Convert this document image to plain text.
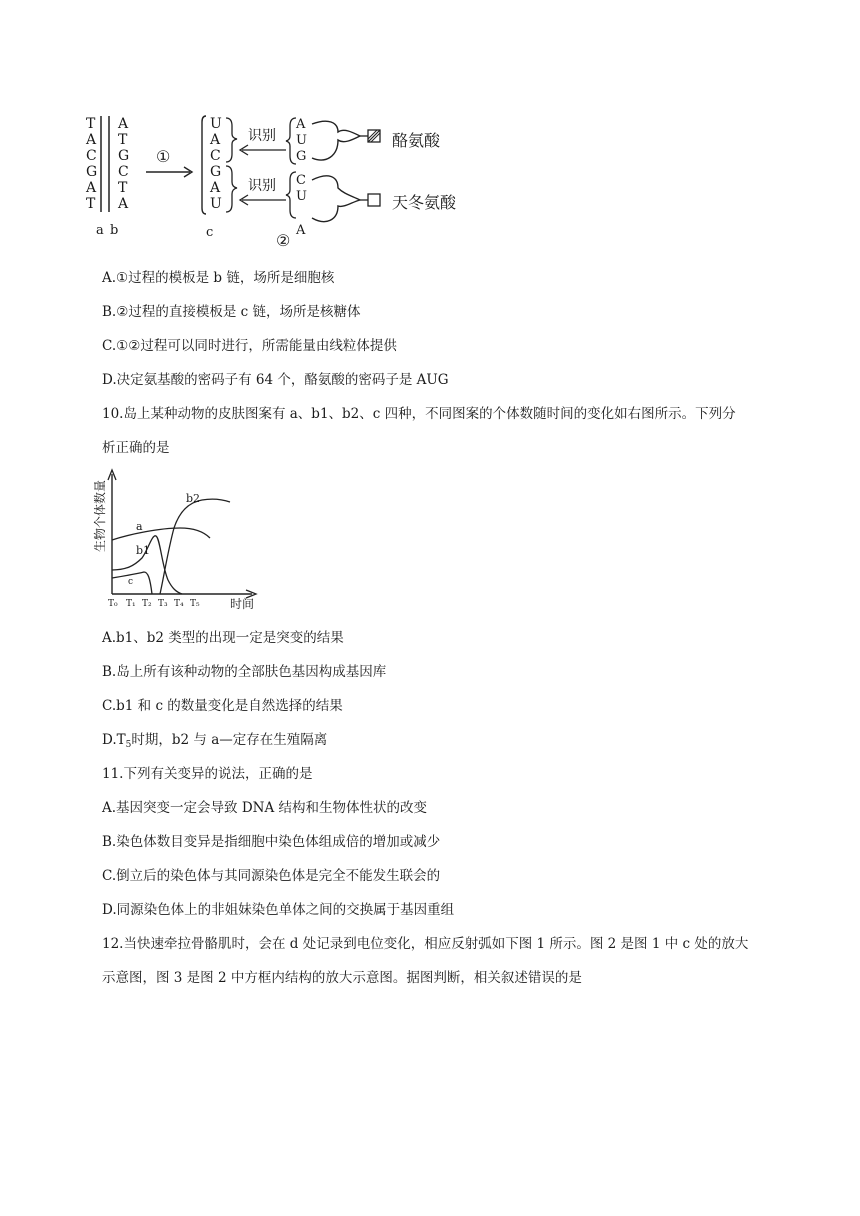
T
A
C
G
A
T
A
T
G
C
T
A
a b
①
U
A
C
G
A
U
c
识别
识别
②
A
U
G
酪氨酸
C
U
A
天冬氨酸
A.①过程的模板是 b 链，场所是细胞核
B.②过程的直接模板是 c 链，场所是核糖体
C.①②过程可以同时进行，所需能量由线粒体提供
D.决定氨基酸的密码子有 64 个，酪氨酸的密码子是 AUG
10.岛上某种动物的皮肤图案有 a、b1、b2、c 四种，不同图案的个体数随时间的变化如右图所示。下列分
析正确的是
生物个体数量
时间
T₀ T₁ T₂ T₃ T₄ T₅
a
b1
b2
c
A.b1、b2 类型的出现一定是突变的结果
B.岛上所有该种动物的全部肤色基因构成基因库
C.b1 和 c 的数量变化是自然选择的结果
$D.T_5$时期，b2 与 a—定存在生殖隔离
11.下列有关变异的说法，正确的是
A.基因突变一定会导致 DNA 结构和生物体性状的改变
B.染色体数目变异是指细胞中染色体组成倍的增加或减少
C.倒立后的染色体与其同源染色体是完全不能发生联会的
D.同源染色体上的非姐妹染色单体之间的交换属于基因重组
12.当快速牵拉骨骼肌时，会在 d 处记录到电位变化，相应反射弧如下图 1 所示。图 2 是图 1 中 c 处的放大
示意图，图 3 是图 2 中方框内结构的放大示意图。据图判断，相关叙述错误的是
